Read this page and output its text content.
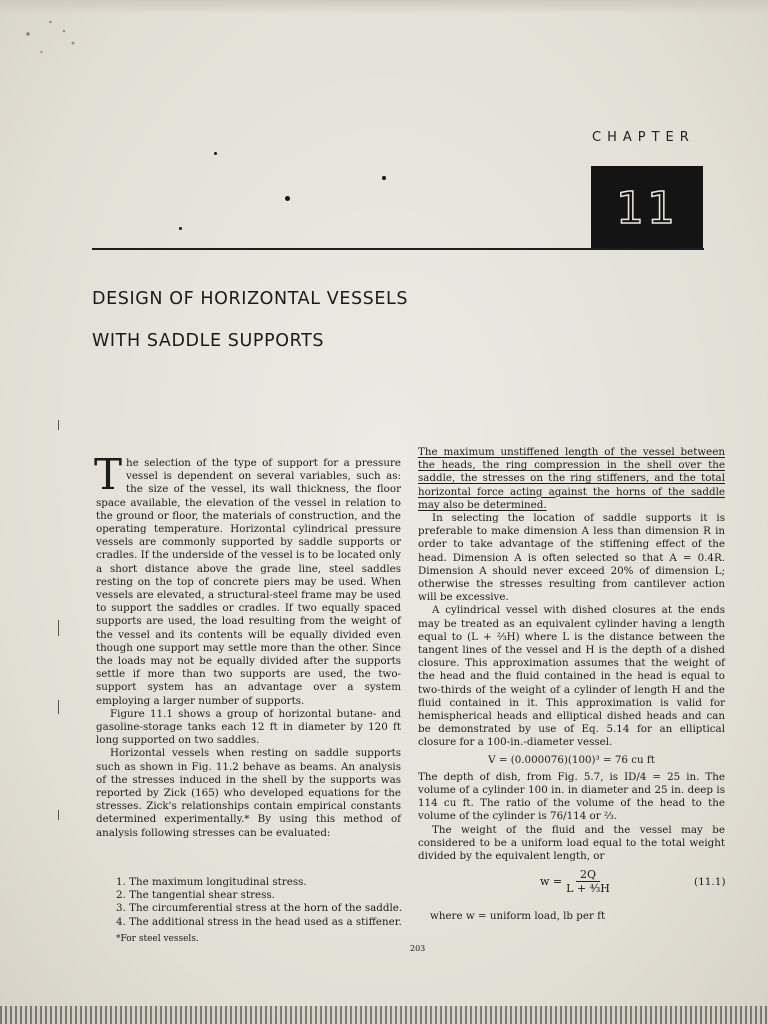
CHAPTER
11
DESIGN OF HORIZONTAL VESSELS
WITH SADDLE SUPPORTS

The selection of the type of support for a pressure vessel is dependent on several variables, such as: the size of the vessel, its wall thickness, the floor space available, the elevation of the vessel in relation to the ground or floor, the materials of construction, and the operating temperature. Horizontal cylindrical pressure vessels are commonly supported by saddle supports or cradles. If the underside of the vessel is to be located only a short distance above the grade line, steel saddles resting on the top of concrete piers may be used. When vessels are elevated, a structural-steel frame may be used to support the saddles or cradles. If two equally spaced supports are used, the load resulting from the weight of the vessel and its contents will be equally divided even though one support may settle more than the other. Since the loads may not be equally divided after the supports settle if more than two supports are used, the two-support system has an advantage over a system employing a larger number of supports.

Figure 11.1 shows a group of horizontal butane- and gasoline-storage tanks each 12 ft in diameter by 120 ft long supported on two saddles.

Horizontal vessels when resting on saddle supports such as shown in Fig. 11.2 behave as beams. An analysis of the stresses induced in the shell by the supports was reported by Zick (165) who developed equations for the stresses. Zick's relationships contain empirical constants determined experimentally.* By using this method of analysis following stresses can be evaluated:

1. The maximum longitudinal stress.
2. The tangential shear stress.
3. The circumferential stress at the horn of the saddle.
4. The additional stress in the head used as a stiffener.
*For steel vessels.

The maximum unstiffened length of the vessel between the heads, the ring compression in the shell over the saddle, the stresses on the ring stiffeners, and the total horizontal force acting against the horns of the saddle may also be determined.

In selecting the location of saddle supports it is preferable to make dimension A less than dimension R in order to take advantage of the stiffening effect of the head. Dimension A is often selected so that A = 0.4R. Dimension A should never exceed 20% of dimension L; otherwise the stresses resulting from cantilever action will be excessive.

A cylindrical vessel with dished closures at the ends may be treated as an equivalent cylinder having a length equal to (L + ⅔H) where L is the distance between the tangent lines of the vessel and H is the depth of a dished closure. This approximation assumes that the weight of the head and the fluid contained in the head is equal to two-thirds of the weight of a cylinder of length H and the fluid contained in it. This approximation is valid for hemispherical heads and elliptical dished heads and can be demonstrated by use of Eq. 5.14 for an elliptical closure for a 100-in.-diameter vessel.

V = (0.000076)(100)³ = 76 cu ft

The depth of dish, from Fig. 5.7, is ID/4 = 25 in. The volume of a cylinder 100 in. in diameter and 25 in. deep is 114 cu ft. The ratio of the volume of the head to the volume of the cylinder is 76/114 or ⅔.

The weight of the fluid and the vessel may be considered to be a uniform load equal to the total weight divided by the equivalent length, or

$w = \frac{2Q}{\text{L + ⁴⁄₃H}}$	(11.1)
where w = uniform load, lb per ft
203
